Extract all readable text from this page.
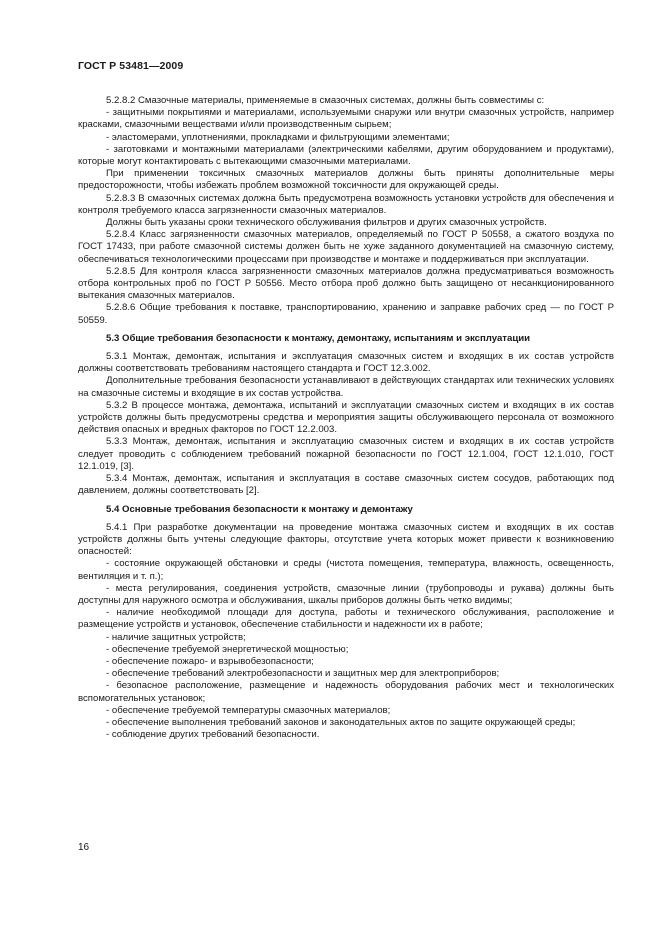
ГОСТ Р 53481—2009

5.2.8.2 Смазочные материалы, применяемые в смазочных системах, должны быть совместимы с:

- защитными покрытиями и материалами, используемыми снаружи или внутри смазочных устройств, например красками, смазочными веществами и/или производственным сырьем;

- эластомерами, уплотнениями, прокладками и фильтрующими элементами;

- заготовками и монтажными материалами (электрическими кабелями, другим оборудованием и продуктами), которые могут контактировать с вытекающими смазочными материалами.

При применении токсичных смазочных материалов должны быть приняты дополнительные меры предосторожности, чтобы избежать проблем возможной токсичности для окружающей среды.

5.2.8.3 В смазочных системах должна быть предусмотрена возможность установки устройств для обеспечения и контроля требуемого класса загрязненности смазочных материалов.

Должны быть указаны сроки технического обслуживания фильтров и других смазочных устройств.

5.2.8.4 Класс загрязненности смазочных материалов, определяемый по ГОСТ Р 50558, а сжатого воздуха по ГОСТ 17433, при работе смазочной системы должен быть не хуже заданного документацией на смазочную систему, обеспечиваться технологическими процессами при производстве и монтаже и поддерживаться при эксплуатации.

5.2.8.5 Для контроля класса загрязненности смазочных материалов должна предусматриваться возможность отбора контрольных проб по ГОСТ Р 50556. Место отбора проб должно быть защищено от несанкционированного вытекания смазочных материалов.

5.2.8.6 Общие требования к поставке, транспортированию, хранению и заправке рабочих сред — по ГОСТ Р 50559.

5.3 Общие требования безопасности к монтажу, демонтажу, испытаниям и эксплуатации

5.3.1 Монтаж, демонтаж, испытания и эксплуатация смазочных систем и входящих в их состав устройств должны соответствовать требованиям настоящего стандарта и ГОСТ 12.3.002.

Дополнительные требования безопасности устанавливают в действующих стандартах или технических условиях на смазочные системы и входящие в их состав устройства.

5.3.2 В процессе монтажа, демонтажа, испытаний и эксплуатации смазочных систем и входящих в их состав устройств должны быть предусмотрены средства и мероприятия защиты обслуживающего персонала от возможного действия опасных и вредных факторов по ГОСТ 12.2.003.

5.3.3 Монтаж, демонтаж, испытания и эксплуатацию смазочных систем и входящих в их состав устройств следует проводить с соблюдением требований пожарной безопасности по ГОСТ 12.1.004, ГОСТ 12.1.010, ГОСТ 12.1.019, [3].

5.3.4 Монтаж, демонтаж, испытания и эксплуатация в составе смазочных систем сосудов, работающих под давлением, должны соответствовать [2].

5.4 Основные требования безопасности к монтажу и демонтажу

5.4.1 При разработке документации на проведение монтажа смазочных систем и входящих в их состав устройств должны быть учтены следующие факторы, отсутствие учета которых может привести к возникновению опасностей:

- состояние окружающей обстановки и среды (чистота помещения, температура, влажность, освещенность, вентиляция и т. п.);

- места регулирования, соединения устройств, смазочные линии (трубопроводы и рукава) должны быть доступны для наружного осмотра и обслуживания, шкалы приборов должны быть четко видимы;

- наличие необходимой площади для доступа, работы и технического обслуживания, расположение и размещение устройств и установок, обеспечение стабильности и надежности их в работе;

- наличие защитных устройств;

- обеспечение требуемой энергетической мощностью;

- обеспечение пожаро- и взрывобезопасности;

- обеспечение требований электробезопасности и защитных мер для электроприборов;

- безопасное расположение, размещение и надежность оборудования рабочих мест и технологических вспомогательных установок;

- обеспечение требуемой температуры смазочных материалов;

- обеспечение выполнения требований законов и законодательных актов по защите окружающей среды;

- соблюдение других требований безопасности.

16
